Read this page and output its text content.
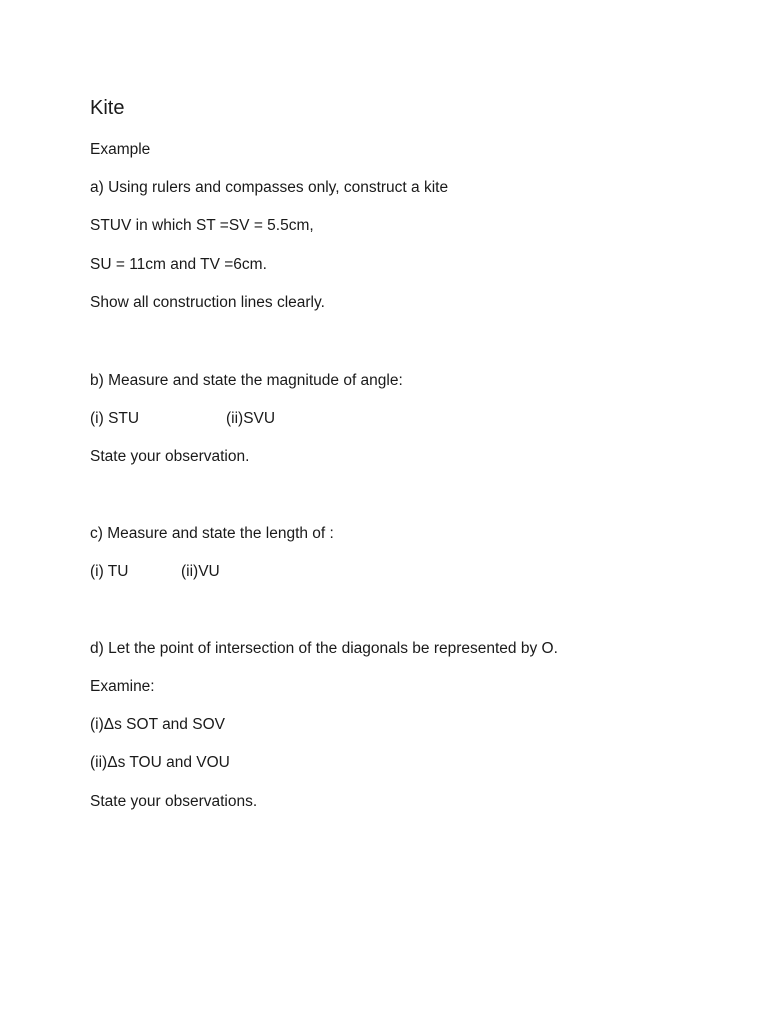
Kite
Example
a) Using rulers and compasses only, construct a kite
STUV in which ST =SV = 5.5cm,
SU = 11cm and TV =6cm.
Show all construction lines clearly.
b) Measure and state the magnitude of angle:
(i) STU	(ii)SVU
State your observation.
c) Measure and state the length of :
(i) TU	(ii)VU
d) Let the point of intersection of the diagonals be represented by O.
Examine:
(i)Δs SOT and SOV
(ii)Δs TOU and VOU
State your observations.
